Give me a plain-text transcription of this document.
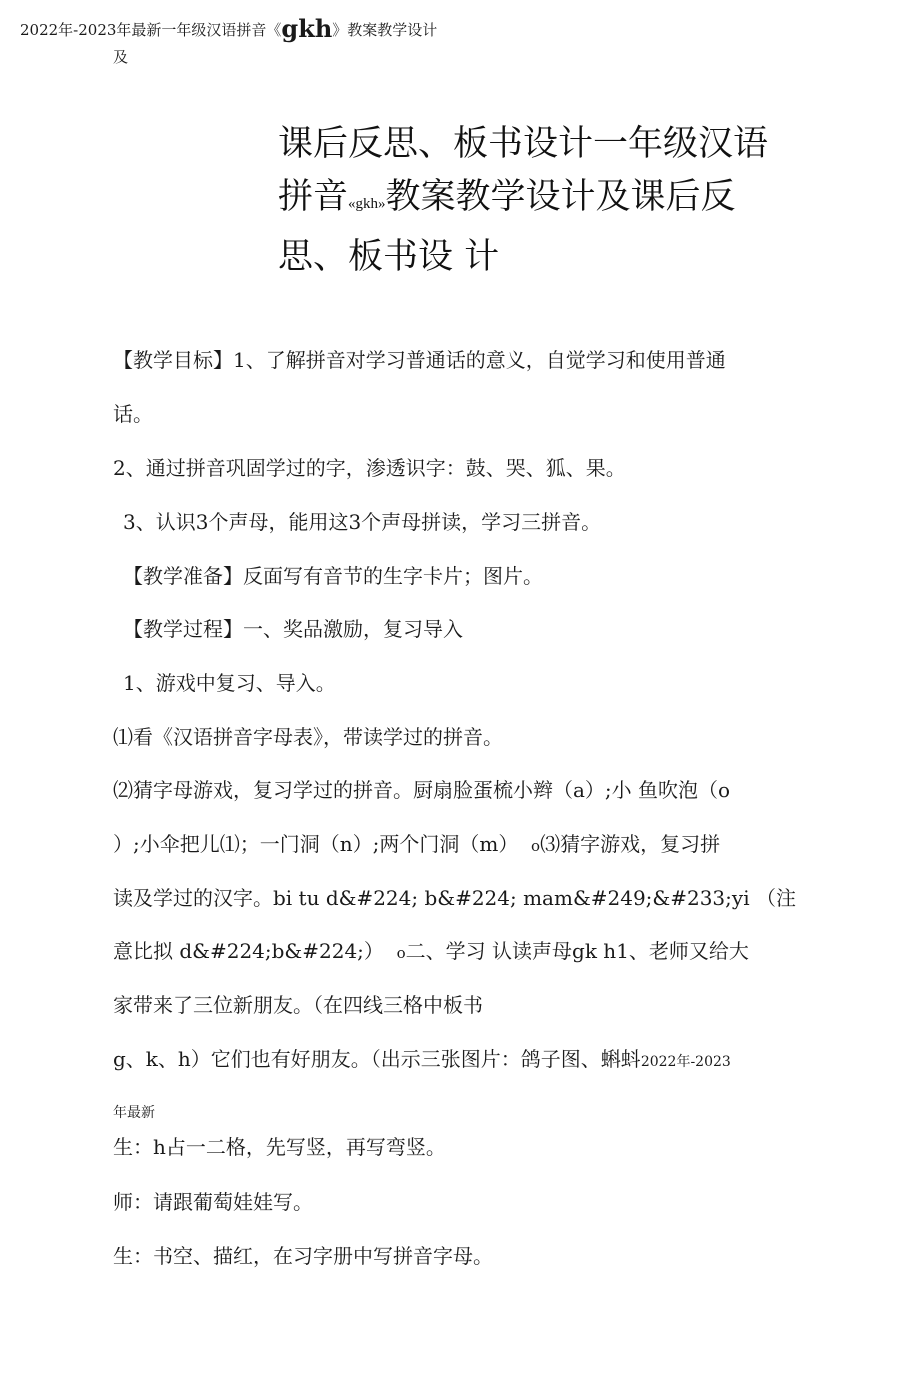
2022年-2023年最新一年级汉语拼音《gkh》教案教学设计
及
课后反思、板书设计一年级汉语
拼音«gkh»教案教学设计及课后反
思、板书设 计
【教学目标】1、了解拼音对学习普通话的意义，自觉学习和使用普通
话。
2、通过拼音巩固学过的字，渗透识字：鼓、哭、狐、果。
3、认识3个声母，能用这3个声母拼读，学习三拼音。
【教学准备】反面写有音节的生字卡片；图片。
【教学过程】一、奖品激励，复习导入
1、游戏中复习、导入。
⑴看《汉语拼音字母表》，带读学过的拼音。
⑵猜字母游戏，复习学过的拼音。厨扇脸蛋梳小辫（a）;小 鱼吹泡（o
）;小伞把儿⑴；一门洞（n）;两个门洞（m） o⑶猜字游戏，复习拼
读及学过的汉字。bi tu d&#224; b&#224; mam&#249;&#233;yi （注
意比拟 d&#224;b&#224;） o二、学习 认读声母gk h1、老师又给大
家带来了三位新朋友。（在四线三格中板书
g、k、h）它们也有好朋友。（出示三张图片：鸽子图、蝌蚪2022年-2023
年最新
生：h占一二格，先写竖，再写弯竖。
师：请跟葡萄娃娃写。
生：书空、描红，在习字册中写拼音字母。
